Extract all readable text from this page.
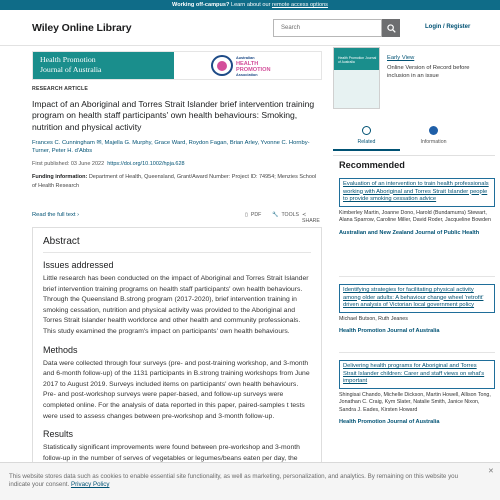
Working off-campus? Learn about our remote access options
Wiley Online Library	Search	Login / Register
Health Promotion
Journal of Australia
Australian
HEALTH
PROMOTION
Association
Health Promotion Journal of Australia
Early View
Online Version of Record before inclusion in an issue
RESEARCH ARTICLE
Impact of an Aboriginal and Torres Strait Islander brief intervention training program on health staff participants' own health behaviours: Smoking, nutrition and physical activity
Frances C. Cunningham ✉, Majella G. Murphy, Grace Ward, Roydon Fagan, Brian Arley, Yvonne C. Hornby-Turner, Peter H. d'Abbs
First published: 03 June 2022 https://doi.org/10.1002/hpja.628
Funding information: Department of Health, Queensland, Grant/Award Number: Project ID: 74954; Menzies School of Health Research
Read the full text ›	▯ PDF 🔧 TOOLS ≺SHARE
Abstract
Issues addressed

Little research has been conducted on the impact of Aboriginal and Torres Strait Islander brief intervention training programs on health staff participants' own health behaviours. Through the Queensland B.strong program (2017-2020), brief intervention training in smoking cessation, nutrition and physical activity was provided to the Aboriginal and Torres Strait Islander health workforce and other health and community professionals. This study examined the program's impact on participants' own health behaviours.

Methods

Data were collected through four surveys (pre- and post-training workshop, and 3-month and 6-month follow-up) of the 1131 participants in B.strong training workshops from June 2017 to August 2019. Surveys included items on participants' own health behaviours. Pre- and post-workshop surveys were paper-based, and follow-up surveys were completed online. For the analysis of data reported in this paper, paired-samples t tests were used to assess changes between pre-workshop and 3-month follow-up.

Results

Statistically significant improvements were found between pre-workshop and 3-month follow-up in the number of serves of vegetables or legumes/beans eaten per day, the

Related	Information
Recommended
Evaluation of an intervention to train health professionals working with Aboriginal and Torres Strait Islander people to provide smoking cessation advice
Kimberley Martin, Joanne Dono, Harold (Bundamurra) Stewart, Alana Sparrow, Caroline Miller, David Roder, Jacqueline Bowden
Australian and New Zealand Journal of Public Health
Identifying strategies for facilitating physical activity among older adults: A behaviour change wheel 'retrofit' driven analysis of Victorian local government policy
Michael Butson, Ruth Jeanes
Health Promotion Journal of Australia
Delivering health programs for Aboriginal and Torres Strait Islander children: Carer and staff views on what's important
Shingisai Chando, Michelle Dickson, Martin Howell, Allison Tong, Jonathan C. Craig, Kym Slater, Natalie Smith, Janice Nixon, Sandra J. Eades, Kirsten Howard
Health Promotion Journal of Australia
✕
This website stores data such as cookies to enable essential site functionality, as well as marketing, personalization, and analytics. By remaining on this website you indicate your consent. Privacy Policy
